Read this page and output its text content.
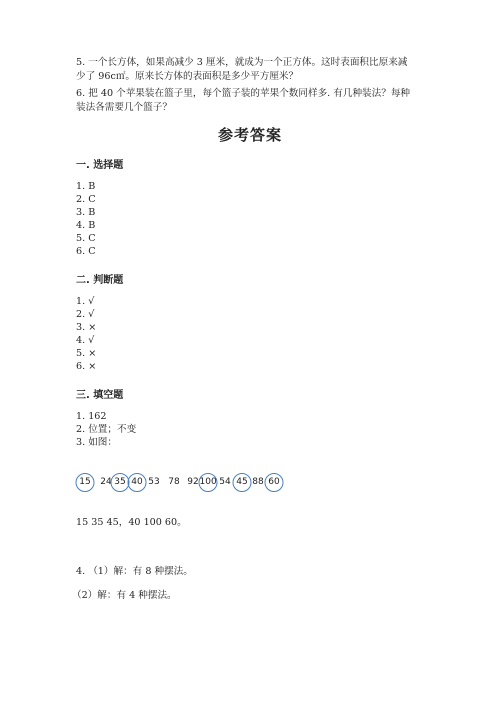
5. 一个长方体，如果高减少 3 厘米，就成为一个正方体。这时表面积比原来减
少了 96c㎡。原来长方体的表面积是多少平方厘米？
6. 把 40 个苹果装在篮子里，每个篮子装的苹果个数同样多. 有几种装法？每种
装法各需要几个篮子？
参考答案
一. 选择题
1. B
2. C
3. B
4. B
5. C
6. C
二. 判断题
1. √
2. √
3. ×
4. √
5. ×
6. ×
三. 填空题
1. 162
2. 位置；不变
3. 如图：
15	24 35 40 53 78 92 100 54 45 88 60
15 35 45，40 100 60。
4. （1）解：有 8 种摆法。
（2）解：有 4 种摆法。
